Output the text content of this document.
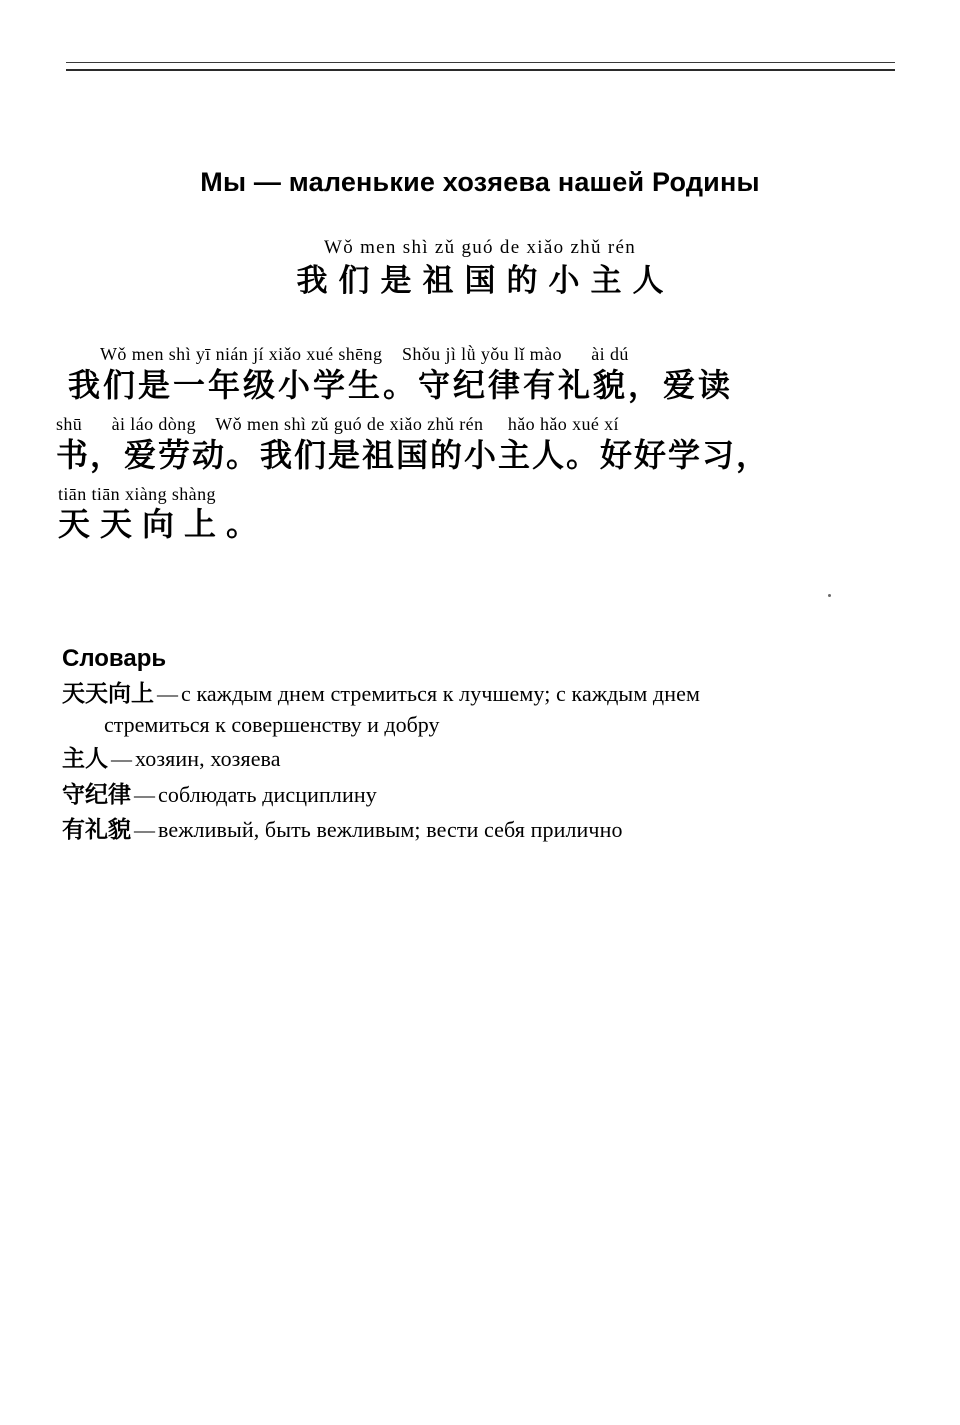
Мы — маленькие хозяева нашей Родины
Wǒ men shì zǔ guó de xiǎo zhǔ rén
我们是祖国的小主人
Wǒ men shì yī nián jí xiǎo xué shēng    Shǒu jì lǜ yǒu lǐ mào      ài dú
我们是一年级小学生。守纪律有礼貌，爱读
shū      ài láo dòng    Wǒ men shì zǔ guó de xiǎo zhǔ rén     hǎo hǎo xué xí
书，爱劳动。我们是祖国的小主人。好好学习，
tiān tiān xiàng shàng
天天向上。
Словарь
天天向上 — с каждым днем стремиться к лучшему; с каждым днем
стремиться к совершенству и добру
主人 — хозяин, хозяева
守纪律 — соблюдать дисциплину
有礼貌 — вежливый, быть вежливым; вести себя прилично
